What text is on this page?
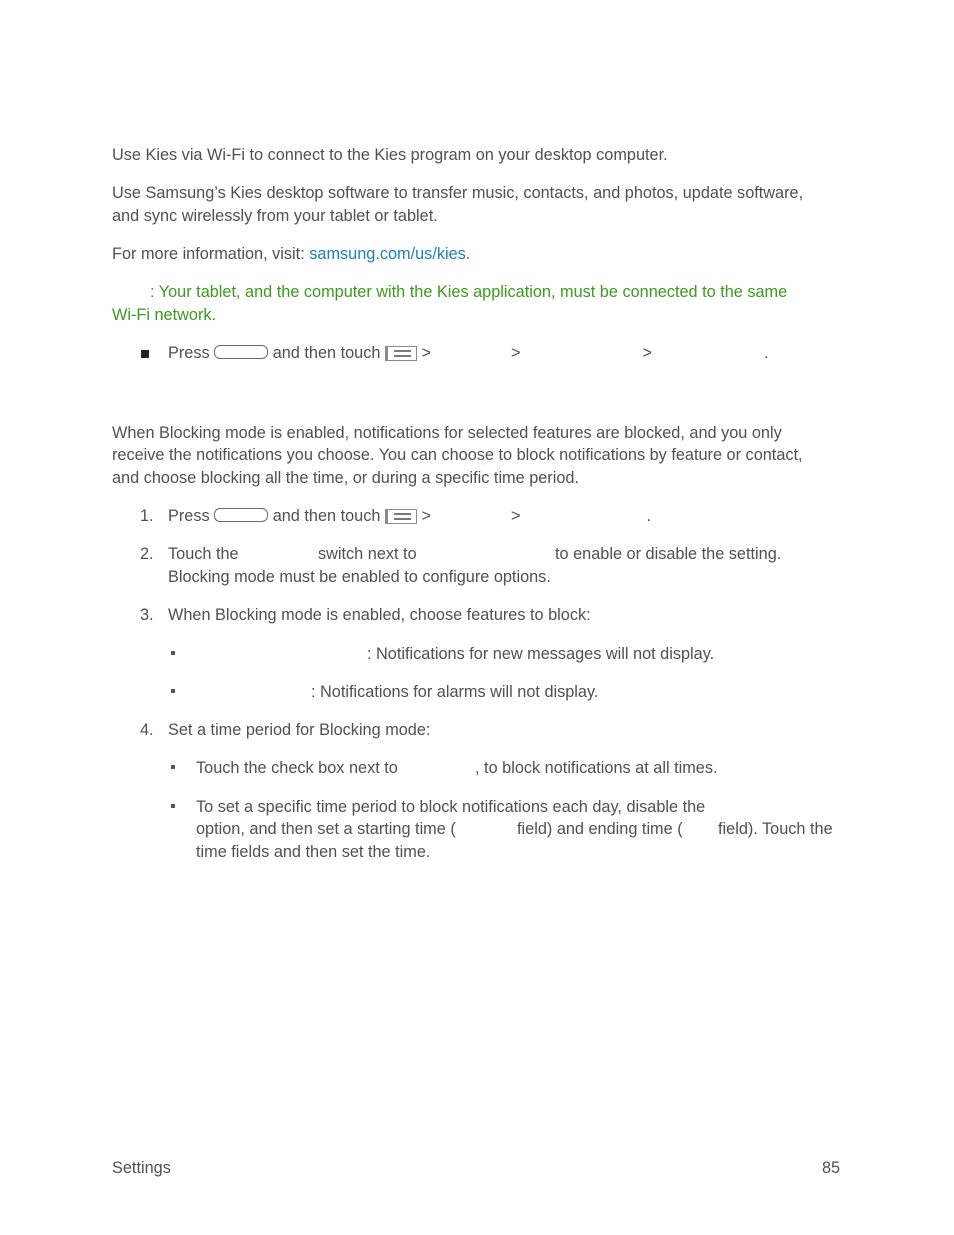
Use Kies via Wi-Fi to connect to the Kies program on your desktop computer.
Use Samsung’s Kies desktop software to transfer music, contacts, and photos, update software,
and sync wirelessly from your tablet or tablet.
For more information, visit: samsung.com/us/kies.
: Your tablet, and the computer with the Kies application, must be connected to the same
Wi-Fi network.
Press	and then touch	>	>	>	.
When Blocking mode is enabled, notifications for selected features are blocked, and you only
receive the notifications you choose. You can choose to block notifications by feature or contact,
and choose blocking all the time, or during a specific time period.
1. Press	and then touch	>	>	.
2. Touch the	switch next to	to enable or disable the setting.
Blocking mode must be enabled to configure options.
3. When Blocking mode is enabled, choose features to block:
: Notifications for new messages will not display.
: Notifications for alarms will not display.
4. Set a time period for Blocking mode:
Touch the check box next to	, to block notifications at all times.
To set a specific time period to block notifications each day, disable the
option, and then set a starting time (	field) and ending time ( field). Touch the
time fields and then set the time.
Settings	85
